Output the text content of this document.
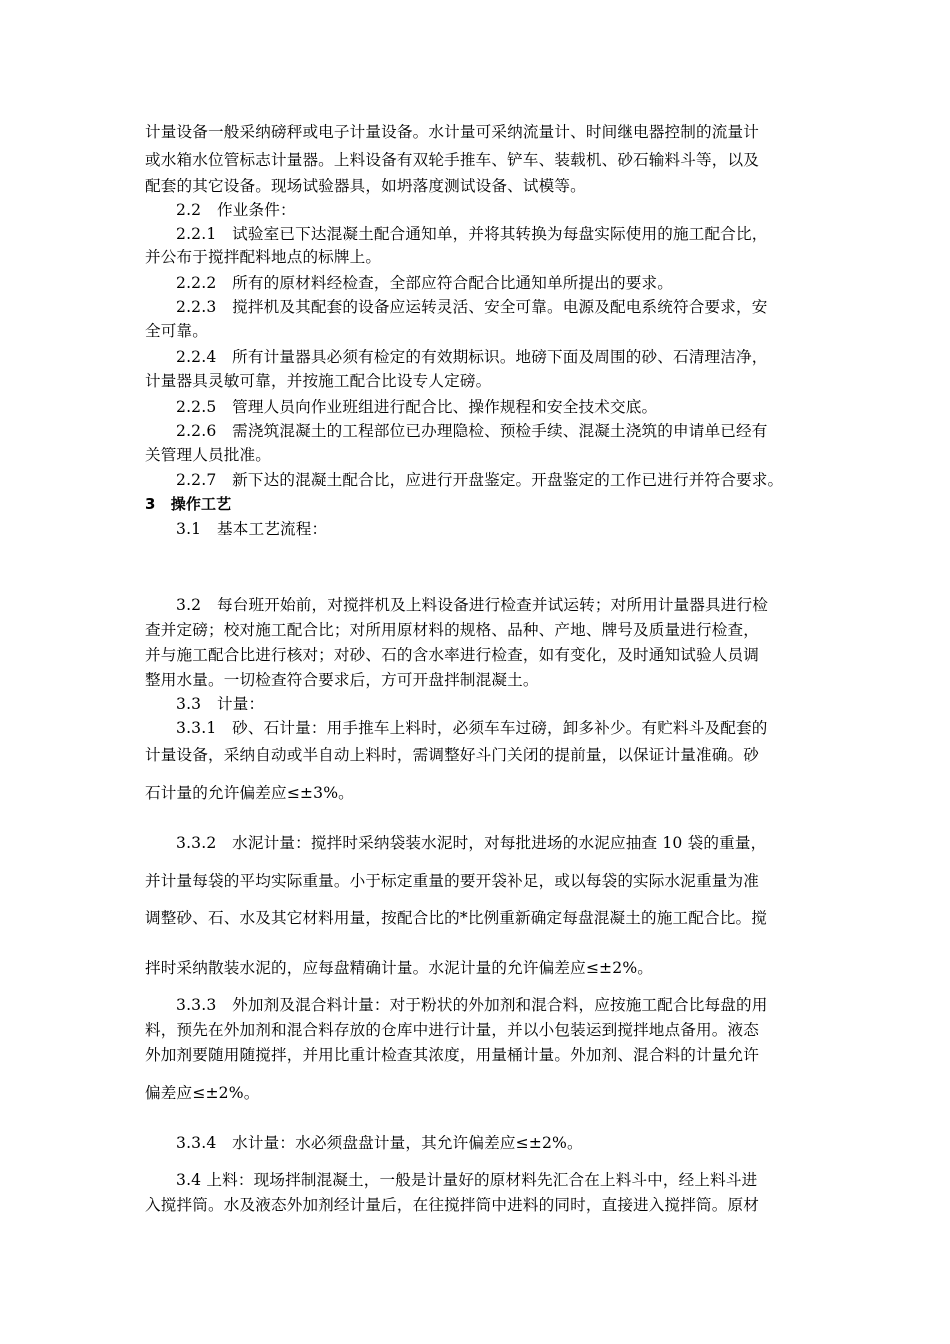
计量设备一般采纳磅秤或电子计量设备。水计量可采纳流量计、时间继电器控制的流量计
或水箱水位管标志计量器。上料设备有双轮手推车、铲车、装载机、砂石输料斗等，以及
配套的其它设备。现场试验器具，如坍落度测试设备、试模等。
2.2　作业条件：
2.2.1　试验室已下达混凝土配合通知单，并将其转换为每盘实际使用的施工配合比，
并公布于搅拌配料地点的标牌上。
2.2.2　所有的原材料经检查，全部应符合配合比通知单所提出的要求。
2.2.3　搅拌机及其配套的设备应运转灵活、安全可靠。电源及配电系统符合要求，安
全可靠。
2.2.4　所有计量器具必须有检定的有效期标识。地磅下面及周围的砂、石清理洁净，
计量器具灵敏可靠，并按施工配合比设专人定磅。
2.2.5　管理人员向作业班组进行配合比、操作规程和安全技术交底。
2.2.6　需浇筑混凝土的工程部位已办理隐检、预检手续、混凝土浇筑的申请单已经有
关管理人员批准。
2.2.7　新下达的混凝土配合比，应进行开盘鉴定。开盘鉴定的工作已进行并符合要求。
3　操作工艺
3.1　基本工艺流程：
3.2　每台班开始前，对搅拌机及上料设备进行检查并试运转；对所用计量器具进行检
查并定磅；校对施工配合比；对所用原材料的规格、品种、产地、牌号及质量进行检查，
并与施工配合比进行核对；对砂、石的含水率进行检查，如有变化，及时通知试验人员调
整用水量。一切检查符合要求后，方可开盘拌制混凝土。
3.3　计量：
3.3.1　砂、石计量：用手推车上料时，必须车车过磅，卸多补少。有贮料斗及配套的
计量设备，采纳自动或半自动上料时，需调整好斗门关闭的提前量，以保证计量准确。砂
石计量的允许偏差应≤±3%。
3.3.2　水泥计量：搅拌时采纳袋装水泥时，对每批进场的水泥应抽查 10 袋的重量，
并计量每袋的平均实际重量。小于标定重量的要开袋补足，或以每袋的实际水泥重量为准
调整砂、石、水及其它材料用量，按配合比的*比例重新确定每盘混凝土的施工配合比。搅
拌时采纳散装水泥的，应每盘精确计量。水泥计量的允许偏差应≤±2%。
3.3.3　外加剂及混合料计量：对于粉状的外加剂和混合料，应按施工配合比每盘的用
料，预先在外加剂和混合料存放的仓库中进行计量，并以小包装运到搅拌地点备用。液态
外加剂要随用随搅拌，并用比重计检查其浓度，用量桶计量。外加剂、混合料的计量允许
偏差应≤±2%。
3.3.4　水计量：水必须盘盘计量，其允许偏差应≤±2%。
3.4 上料：现场拌制混凝土，一般是计量好的原材料先汇合在上料斗中，经上料斗进
入搅拌筒。水及液态外加剂经计量后，在往搅拌筒中进料的同时，直接进入搅拌筒。原材
